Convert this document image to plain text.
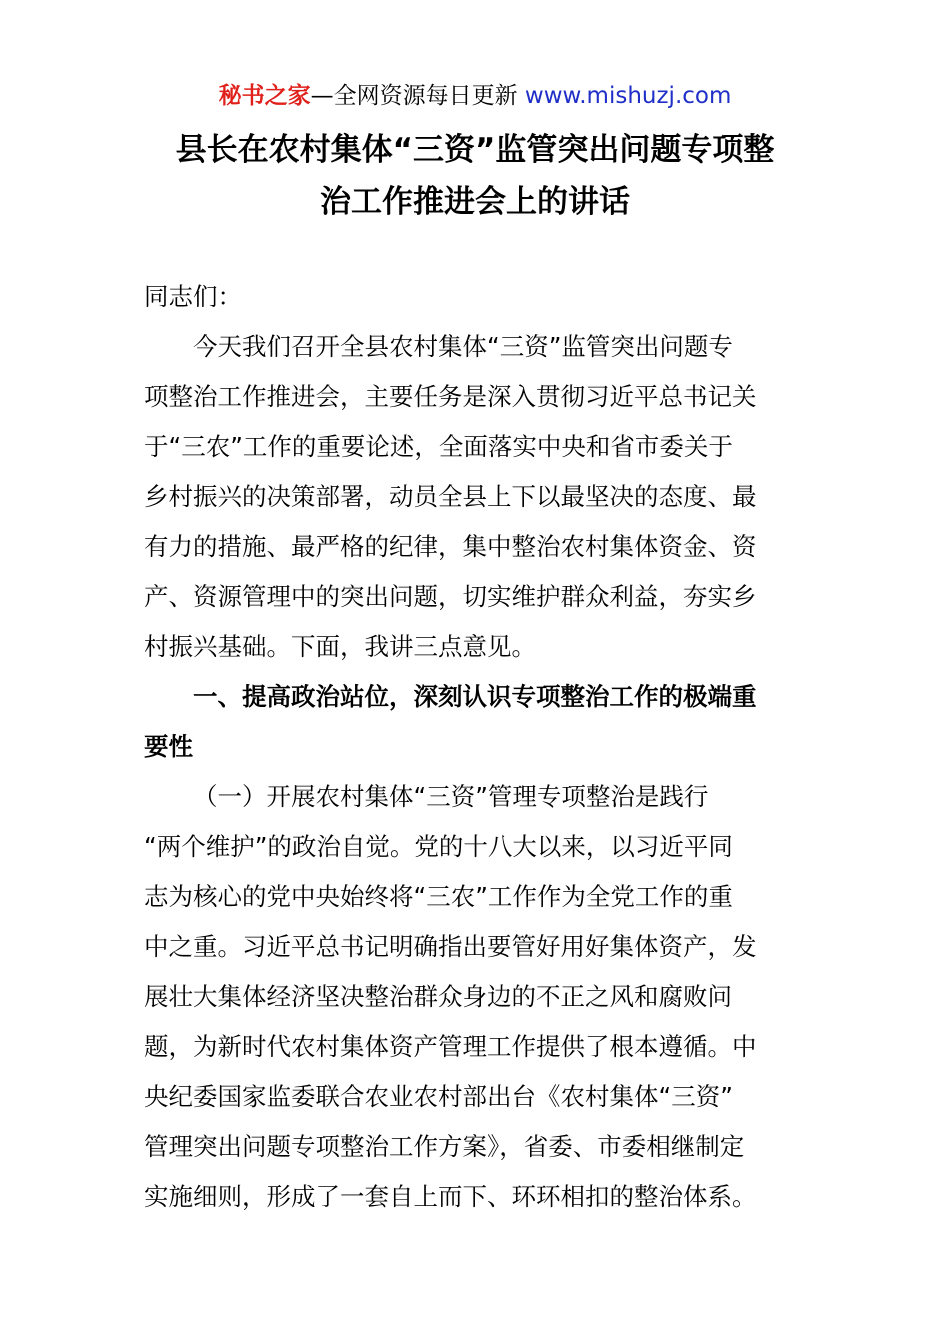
秘书之家—全网资源每日更新 www.mishuzj.com
县长在农村集体“三资”监管突出问题专项整
治工作推进会上的讲话
同志们：
今天我们召开全县农村集体“三资”监管突出问题专
项整治工作推进会，主要任务是深入贯彻习近平总书记关
于“三农”工作的重要论述，全面落实中央和省市委关于
乡村振兴的决策部署，动员全县上下以最坚决的态度、最
有力的措施、最严格的纪律，集中整治农村集体资金、资
产、资源管理中的突出问题，切实维护群众利益，夯实乡
村振兴基础。下面，我讲三点意见。
一、提高政治站位，深刻认识专项整治工作的极端重
要性
（一）开展农村集体“三资”管理专项整治是践行
“两个维护”的政治自觉。党的十八大以来，以习近平同
志为核心的党中央始终将“三农”工作作为全党工作的重
中之重。习近平总书记明确指出要管好用好集体资产，发
展壮大集体经济坚决整治群众身边的不正之风和腐败问
题，为新时代农村集体资产管理工作提供了根本遵循。中
央纪委国家监委联合农业农村部出台《农村集体“三资”
管理突出问题专项整治工作方案》，省委、市委相继制定
实施细则，形成了一套自上而下、环环相扣的整治体系。
